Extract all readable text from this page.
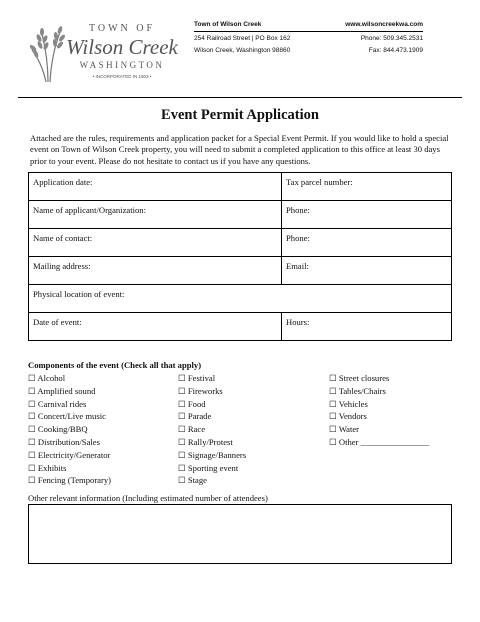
TOWN OF
Wilson Creek
WASHINGTON
• INCORPORATED IN 1903 •
Town of Wilson Creek	www.wilsoncreekwa.com
254 Railroad Street | PO Box 162	Phone: 509.345.2531
Wilson Creek, Washington 98860	Fax: 844.473.1909
Event Permit Application
Attached are the rules, requirements and application packet for a Special Event Permit. If you would like to hold a special event on Town of Wilson Creek property, you will need to submit a completed application to this office at least 30 days prior to your event. Please do not hesitate to contact us if you have any questions.
Application date:	Tax parcel number:
Name of applicant/Organization:	Phone:
Name of contact:	Phone:
Mailing address:	Email:
Physical location of event:	
Date of event:	Hours:
Components of the event (Check all that apply)
☐ Alcohol
☐ Amplified sound
☐ Carnival rides
☐ Concert/Live music
☐ Cooking/BBQ
☐ Distribution/Sales
☐ Electricity/Generator
☐ Exhibits
☐ Fencing (Temporary)
☐ Festival
☐ Fireworks
☐ Food
☐ Parade
☐ Race
☐ Rally/Protest
☐ Signage/Banners
☐ Sporting event
☐ Stage
☐ Street closures
☐ Tables/Chairs
☐ Vehicles
☐ Vendors
☐ Water
☐ Other ________________
Other relevant information (Including estimated number of attendees)
